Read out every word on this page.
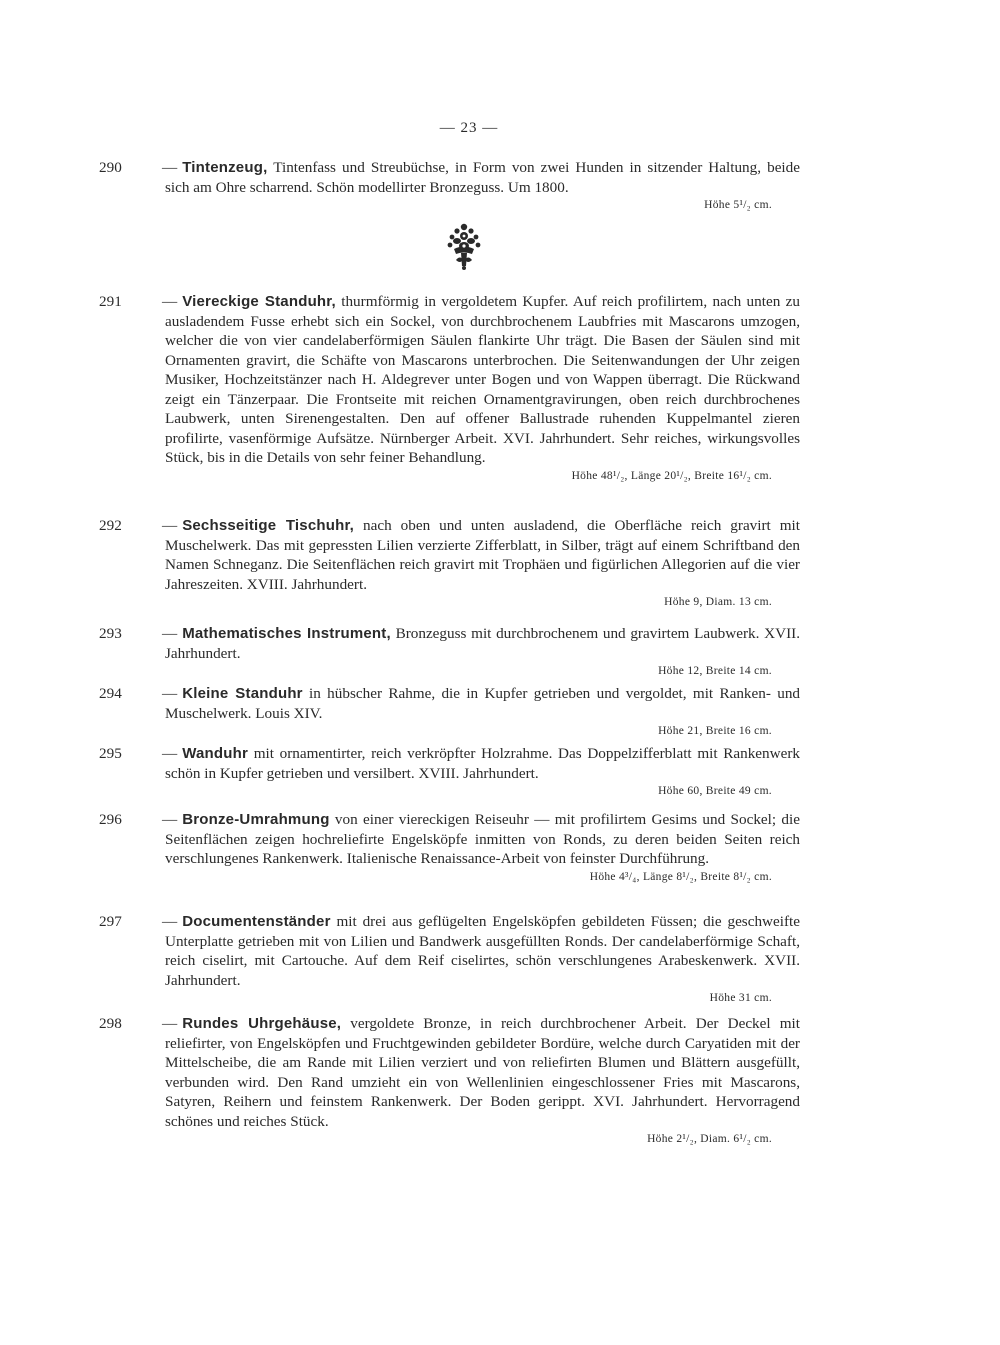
— 23 —

290	— Tintenzeug, Tintenfass und Streubüchse, in Form von zwei Hunden in sitzender Haltung, beide sich am Ohre scharrend. Schön modellirter Bronzeguss. Um 1800.

Höhe 5¹/₂ cm.

291	— Viereckige Standuhr, thurmförmig in vergoldetem Kupfer. Auf reich profilirtem, nach unten zu ausladendem Fusse erhebt sich ein Sockel, von durchbrochenem Laubfries mit Mascarons umzogen, welcher die von vier candelaberförmigen Säulen flankirte Uhr trägt. Die Basen der Säulen sind mit Ornamenten gravirt, die Schäfte von Mascarons unterbrochen. Die Seitenwandungen der Uhr zeigen Musiker, Hochzeitstänzer nach H. Aldegrever unter Bogen und von Wappen überragt. Die Rückwand zeigt ein Tänzerpaar. Die Frontseite mit reichen Ornamentgravirungen, oben reich durchbrochenes Laubwerk, unten Sirenengestalten. Den auf offener Ballustrade ruhenden Kuppelmantel zieren profilirte, vasenförmige Aufsätze. Nürnberger Arbeit. XVI. Jahrhundert. Sehr reiches, wirkungsvolles Stück, bis in die Details von sehr feiner Behandlung.

Höhe 48¹/₂, Länge 20¹/₂, Breite 16¹/₂ cm.

292	— Sechsseitige Tischuhr, nach oben und unten ausladend, die Oberfläche reich gravirt mit Muschelwerk. Das mit gepressten Lilien verzierte Zifferblatt, in Silber, trägt auf einem Schriftband den Namen Schneganz. Die Seitenflächen reich gravirt mit Trophäen und figürlichen Allegorien auf die vier Jahreszeiten. XVIII. Jahrhundert.

Höhe 9, Diam. 13 cm.

293	— Mathematisches Instrument, Bronzeguss mit durchbrochenem und gravirtem Laubwerk. XVII. Jahrhundert.

Höhe 12, Breite 14 cm.

294	— Kleine Standuhr in hübscher Rahme, die in Kupfer getrieben und vergoldet, mit Ranken- und Muschelwerk. Louis XIV.

Höhe 21, Breite 16 cm.

295	— Wanduhr mit ornamentirter, reich verkröpfter Holzrahme. Das Doppelzifferblatt mit Rankenwerk schön in Kupfer getrieben und versilbert. XVIII. Jahrhundert.

Höhe 60, Breite 49 cm.

296	— Bronze-Umrahmung von einer viereckigen Reiseuhr — mit profilirtem Gesims und Sockel; die Seitenflächen zeigen hochreliefirte Engelsköpfe inmitten von Ronds, zu deren beiden Seiten reich verschlungenes Rankenwerk. Italienische Renaissance-Arbeit von feinster Durchführung.

Höhe 4³/₄, Länge 8¹/₂, Breite 8¹/₂ cm.

297	— Documentenständer mit drei aus geflügelten Engelsköpfen gebildeten Füssen; die geschweifte Unterplatte getrieben mit von Lilien und Bandwerk ausgefüllten Ronds. Der candelaberförmige Schaft, reich ciselirt, mit Cartouche. Auf dem Reif ciselirtes, schön verschlungenes Arabeskenwerk. XVII. Jahrhundert.

Höhe 31 cm.

298	— Rundes Uhrgehäuse, vergoldete Bronze, in reich durchbrochener Arbeit. Der Deckel mit reliefirter, von Engelsköpfen und Fruchtgewinden gebildeter Bordüre, welche durch Caryatiden mit der Mittelscheibe, die am Rande mit Lilien verziert und von reliefirten Blumen und Blättern ausgefüllt, verbunden wird. Den Rand umzieht ein von Wellenlinien eingeschlossener Fries mit Mascarons, Satyren, Reihern und feinstem Rankenwerk. Der Boden gerippt. XVI. Jahrhundert. Hervorragend schönes und reiches Stück.

Höhe 2¹/₂, Diam. 6¹/₂ cm.
